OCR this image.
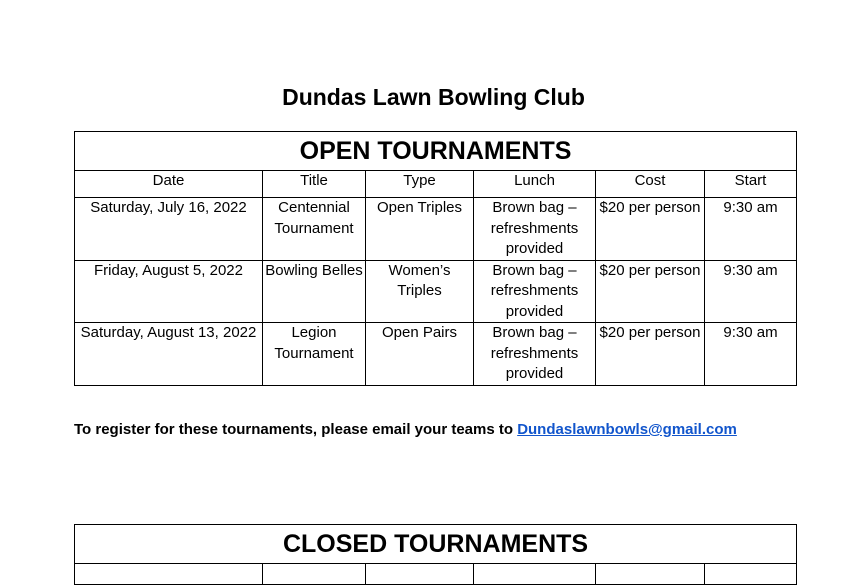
Dundas Lawn Bowling Club
OPEN TOURNAMENTS					
Date	Title	Type	Lunch	Cost	Start
Saturday, July 16, 2022	Centennial Tournament	Open Triples	Brown bag – refreshments provided	$20 per person	9:30 am
Friday, August 5, 2022	Bowling Belles	Women’s Triples	Brown bag – refreshments provided	$20 per person	9:30 am
Saturday, August 13, 2022	Legion Tournament	Open Pairs	Brown bag – refreshments provided	$20 per person	9:30 am
To register for these tournaments, please email your teams to Dundaslawnbowls@gmail.com
CLOSED TOURNAMENTS
